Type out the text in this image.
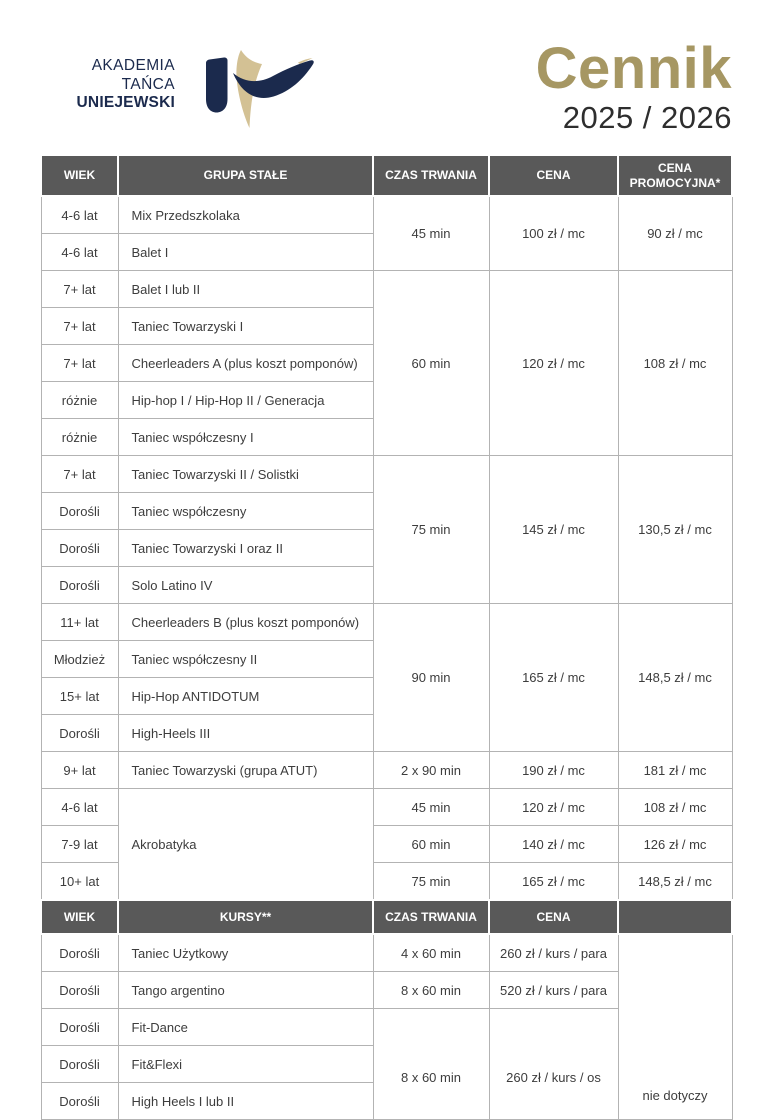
AKADEMIA
TAŃCA
UNIEJEWSKI
Cennik
2025 / 2026
WIEK	GRUPA STAŁE	CZAS TRWANIA	CENA	CENA PROMOCYJNA*
4-6 lat	Mix Przedszkolaka	45 min	100 zł / mc	90 zł / mc
4-6 lat	Balet I			
7+ lat	Balet I lub II	60 min	120 zł / mc	108 zł / mc
7+ lat	Taniec Towarzyski I			
7+ lat	Cheerleaders A (plus koszt pomponów)			
różnie	Hip-hop I / Hip-Hop II / Generacja			
różnie	Taniec współczesny I			
7+ lat	Taniec Towarzyski II / Solistki	75 min	145 zł / mc	130,5 zł / mc
Dorośli	Taniec współczesny			
Dorośli	Taniec Towarzyski I oraz II			
Dorośli	Solo Latino IV			
11+ lat	Cheerleaders B (plus koszt pomponów)	90 min	165 zł / mc	148,5 zł / mc
Młodzież	Taniec współczesny II			
15+ lat	Hip-Hop ANTIDOTUM			
Dorośli	High-Heels III			
9+ lat	Taniec Towarzyski (grupa ATUT)	2 x 90 min	190 zł / mc	181 zł / mc
4-6 lat	Akrobatyka	45 min	120 zł / mc	108 zł / mc
7-9 lat		60 min	140 zł / mc	126 zł / mc
10+ lat		75 min	165 zł / mc	148,5 zł / mc
WIEK	KURSY**	CZAS TRWANIA	CENA	
Dorośli	Taniec Użytkowy	4 x 60 min	260 zł / kurs / para	nie dotyczy
Dorośli	Tango argentino	8 x 60 min	520 zł / kurs / para	
Dorośli	Fit-Dance	8 x 60 min	260 zł / kurs / os	
Dorośli	Fit&Flexi			
Dorośli	High Heels I lub II			
